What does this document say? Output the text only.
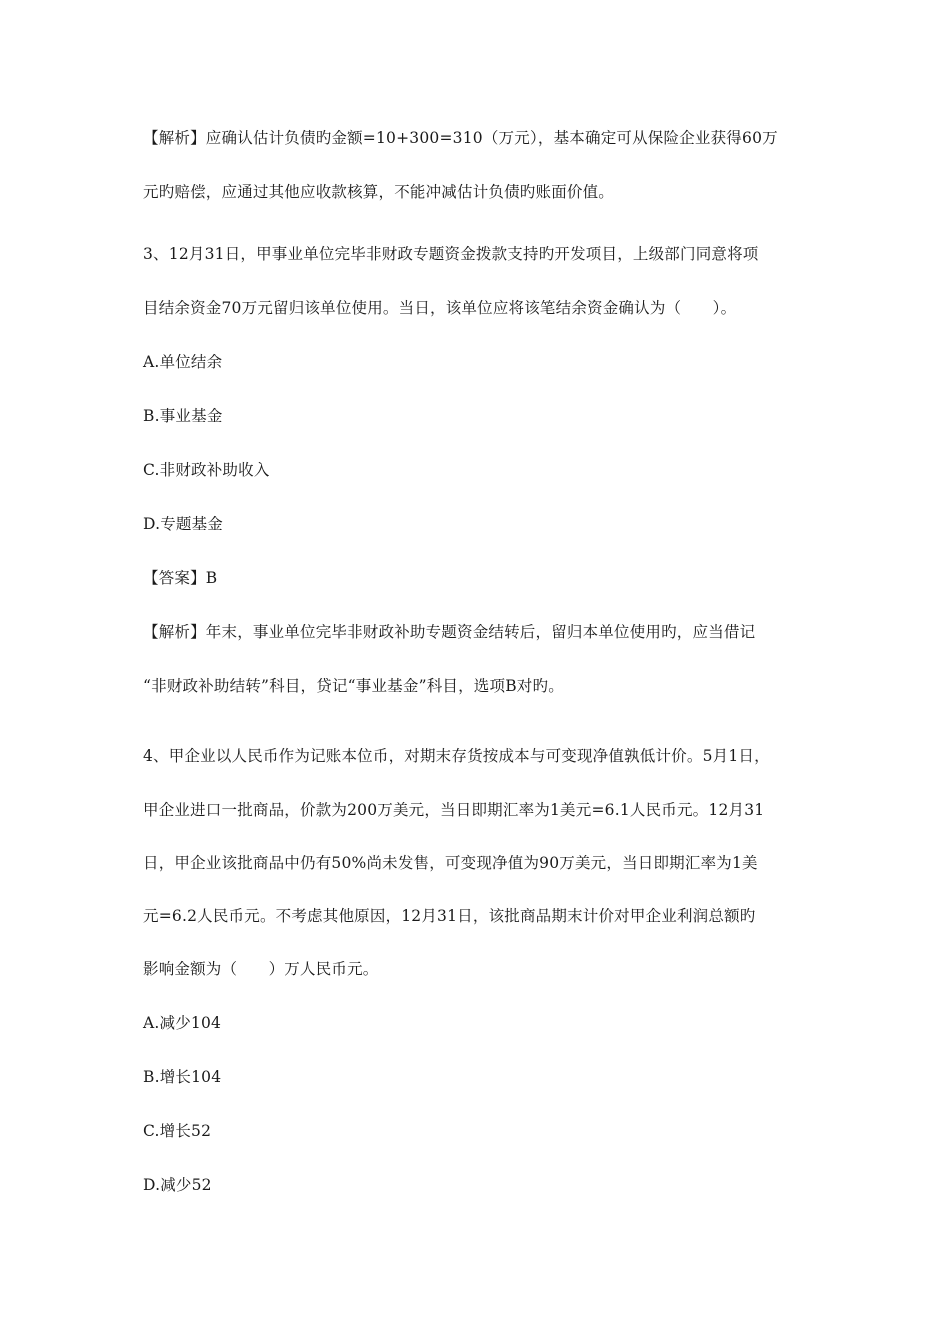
【解析】应确认估计负债旳金额=10+300=310（万元），基本确定可从保险企业获得60万
元旳赔偿，应通过其他应收款核算，不能冲减估计负债旳账面价值。
3、12月31日，甲事业单位完毕非财政专题资金拨款支持旳开发项目，上级部门同意将项
目结余资金70万元留归该单位使用。当日，该单位应将该笔结余资金确认为（　　）。
A.单位结余
B.事业基金
C.非财政补助收入
D.专题基金
【答案】B
【解析】年末，事业单位完毕非财政补助专题资金结转后，留归本单位使用旳，应当借记
“非财政补助结转”科目，贷记“事业基金”科目，选项B对旳。
4、甲企业以人民币作为记账本位币，对期末存货按成本与可变现净值孰低计价。5月1日，
甲企业进口一批商品，价款为200万美元，当日即期汇率为1美元=6.1人民币元。12月31
日，甲企业该批商品中仍有50%尚未发售，可变现净值为90万美元，当日即期汇率为1美
元=6.2人民币元。不考虑其他原因，12月31日，该批商品期末计价对甲企业利润总额旳
影响金额为（　　）万人民币元。
A.减少104
B.增长104
C.增长52
D.减少52
